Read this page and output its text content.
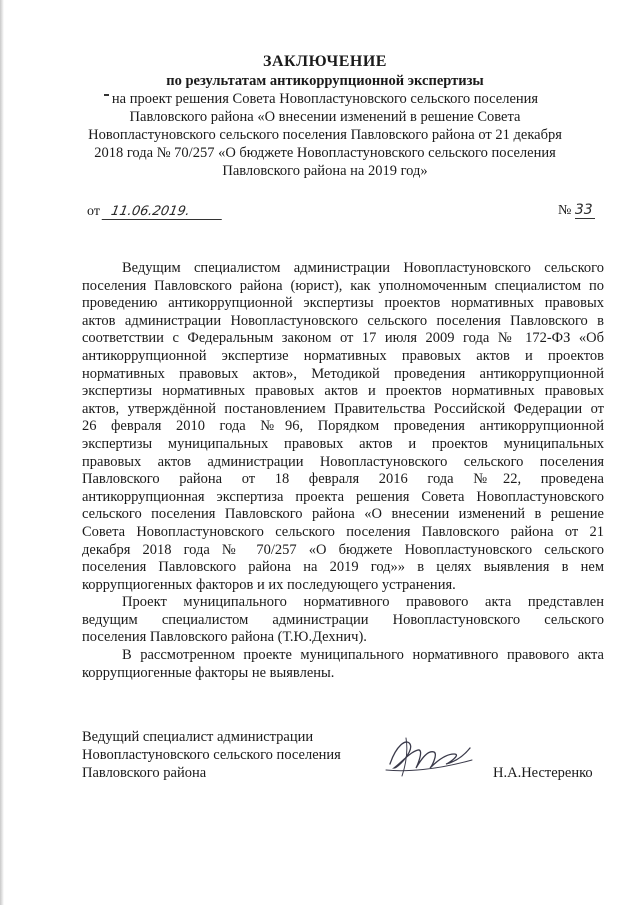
ЗАКЛЮЧЕНИЕ
по результатам антикоррупционной экспертизы
на проект решения Совета Новопластуновского сельского поселения
Павловского района «О внесении изменений в решение Совета
Новопластуновского сельского поселения Павловского района от 21 декабря
2018 года № 70/257 «О бюджете Новопластуновского сельского поселения
Павловского района на 2019 год»
от 11.06.2019.	№ 33
Ведущим специалистом администрации Новопластуновского сельского
поселения Павловского района (юрист), как уполномоченным специалистом по
проведению антикоррупционной экспертизы проектов нормативных правовых
актов администрации Новопластуновского сельского поселения Павловского в
соответствии с Федеральным законом от 17 июля 2009 года № 172-ФЗ «Об
антикоррупционной экспертизе нормативных правовых актов и проектов
нормативных правовых актов», Методикой проведения антикоррупционной
экспертизы нормативных правовых актов и проектов нормативных правовых
актов, утверждённой постановлением Правительства Российской Федерации от
26 февраля 2010 года №96, Порядком проведения антикоррупционной
экспертизы муниципальных правовых актов и проектов муниципальных
правовых актов администрации Новопластуновского сельского поселения
Павловского района от 18 февраля 2016 года №22, проведена
антикоррупционная экспертиза проекта решения Совета Новопластуновского
сельского поселения Павловского района «О внесении изменений в решение
Совета Новопластуновского сельского поселения Павловского района от 21
декабря 2018 года № 70/257 «О бюджете Новопластуновского сельского
поселения Павловского района на 2019 год»» в целях выявления в нем
коррупциогенных факторов и их последующего устранения.
Проект муниципального нормативного правового акта представлен
ведущим специалистом администрации Новопластуновского сельского
поселения Павловского района (Т.Ю.Дехнич).
В рассмотренном проекте муниципального нормативного правового акта
коррупциогенные факторы не выявлены.
Ведущий специалист администрации
Новопластуновского сельского поселения
Павловского района	Н.А.Нестеренко
